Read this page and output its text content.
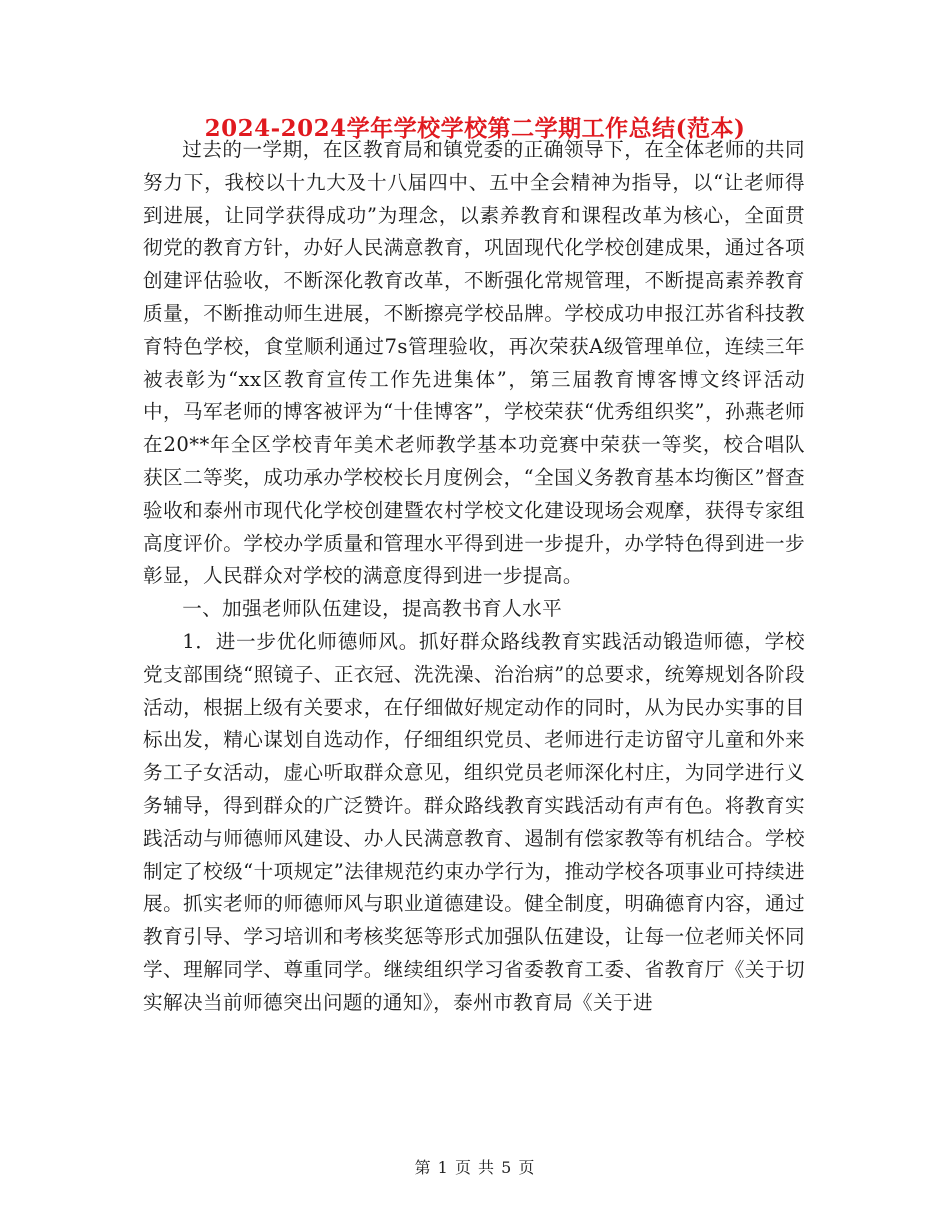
2024-2024学年学校学校第二学期工作总结(范本)

过去的一学期，在区教育局和镇党委的正确领导下，在全体老师的共同努力下，我校以十九大及十八届四中、五中全会精神为指导，以“让老师得到进展，让同学获得成功”为理念，以素养教育和课程改革为核心，全面贯彻党的教育方针，办好人民满意教育，巩固现代化学校创建成果，通过各项创建评估验收，不断深化教育改革，不断强化常规管理，不断提高素养教育质量，不断推动师生进展，不断擦亮学校品牌。学校成功申报江苏省科技教育特色学校，食堂顺利通过7s管理验收，再次荣获A级管理单位，连续三年被表彰为“xx区教育宣传工作先进集体”，第三届教育博客博文终评活动中，马军老师的博客被评为“十佳博客”，学校荣获“优秀组织奖”，孙燕老师在20**年全区学校青年美术老师教学基本功竞赛中荣获一等奖，校合唱队获区二等奖，成功承办学校校长月度例会，“全国义务教育基本均衡区”督查验收和泰州市现代化学校创建暨农村学校文化建设现场会观摩，获得专家组高度评价。学校办学质量和管理水平得到进一步提升，办学特色得到进一步彰显，人民群众对学校的满意度得到进一步提高。

一、加强老师队伍建设，提高教书育人水平

1．进一步优化师德师风。抓好群众路线教育实践活动锻造师德，学校党支部围绕“照镜子、正衣冠、洗洗澡、治治病”的总要求，统筹规划各阶段活动，根据上级有关要求，在仔细做好规定动作的同时，从为民办实事的目标出发，精心谋划自选动作，仔细组织党员、老师进行走访留守儿童和外来务工子女活动，虚心听取群众意见，组织党员老师深化村庄，为同学进行义务辅导，得到群众的广泛赞许。群众路线教育实践活动有声有色。将教育实践活动与师德师风建设、办人民满意教育、遏制有偿家教等有机结合。学校制定了校级“十项规定”法律规范约束办学行为，推动学校各项事业可持续进展。抓实老师的师德师风与职业道德建设。健全制度，明确德育内容，通过教育引导、学习培训和考核奖惩等形式加强队伍建设，让每一位老师关怀同学、理解同学、尊重同学。继续组织学习省委教育工委、省教育厅《关于切实解决当前师德突出问题的通知》，泰州市教育局《关于进

第 1 页 共 5 页
